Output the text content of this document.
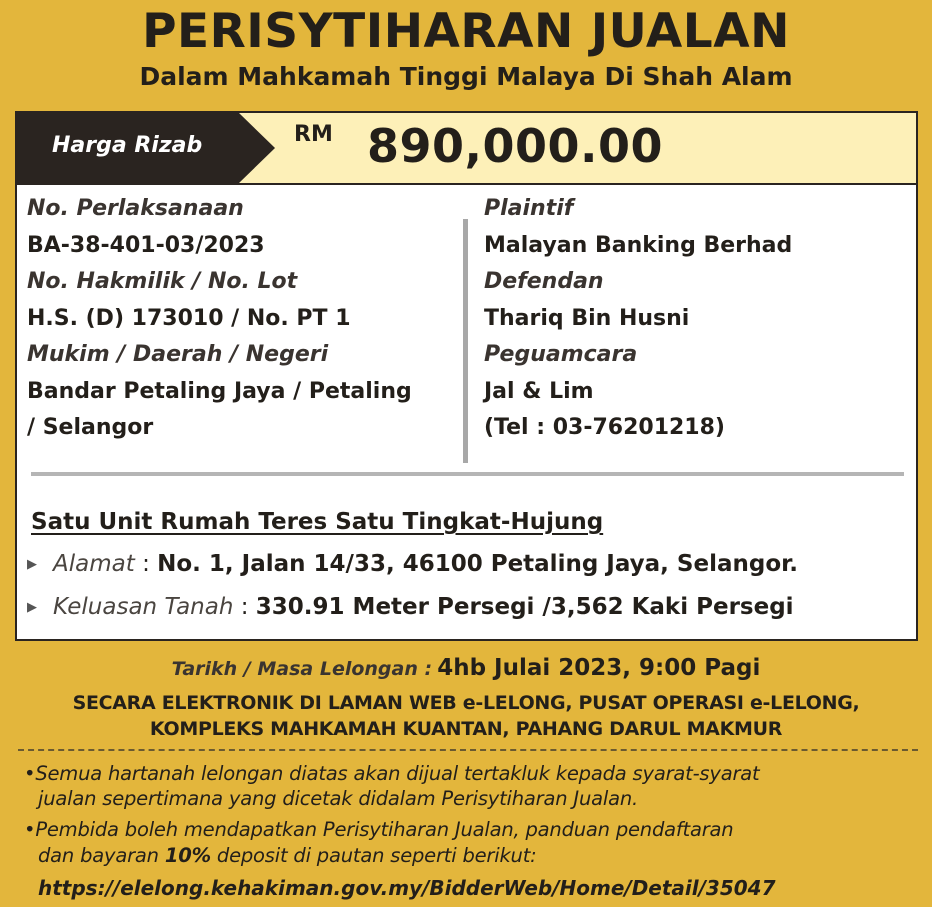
PERISYTIHARAN JUALAN
Dalam Mahkamah Tinggi Malaya Di Shah Alam
Harga Rizab	RM 890,000.00
No. Perlaksanaan
BA-38-401-03/2023
No. Hakmilik / No. Lot
H.S. (D) 173010 / No. PT 1
Mukim / Daerah / Negeri
Bandar Petaling Jaya / Petaling
/ Selangor
Plaintif
Malayan Banking Berhad
Defendan
Thariq Bin Husni
Peguamcara
Jal & Lim
(Tel : 03-76201218)
Satu Unit Rumah Teres Satu Tingkat-Hujung
▶ Alamat : No. 1, Jalan 14/33, 46100 Petaling Jaya, Selangor.
▶ Keluasan Tanah : 330.91 Meter Persegi /3,562 Kaki Persegi
Tarikh / Masa Lelongan : 4hb Julai 2023, 9:00 Pagi
SECARA ELEKTRONIK DI LAMAN WEB e-LELONG, PUSAT OPERASI e-LELONG,
KOMPLEKS MAHKAMAH KUANTAN, PAHANG DARUL MAKMUR
•Semua hartanah lelongan diatas akan dijual tertakluk kepada syarat-syarat
jualan sepertimana yang dicetak didalam Perisytiharan Jualan.
•Pembida boleh mendapatkan Perisytiharan Jualan, panduan pendaftaran
dan bayaran 10% deposit di pautan seperti berikut:
https://elelong.kehakiman.gov.my/BidderWeb/Home/Detail/35047
